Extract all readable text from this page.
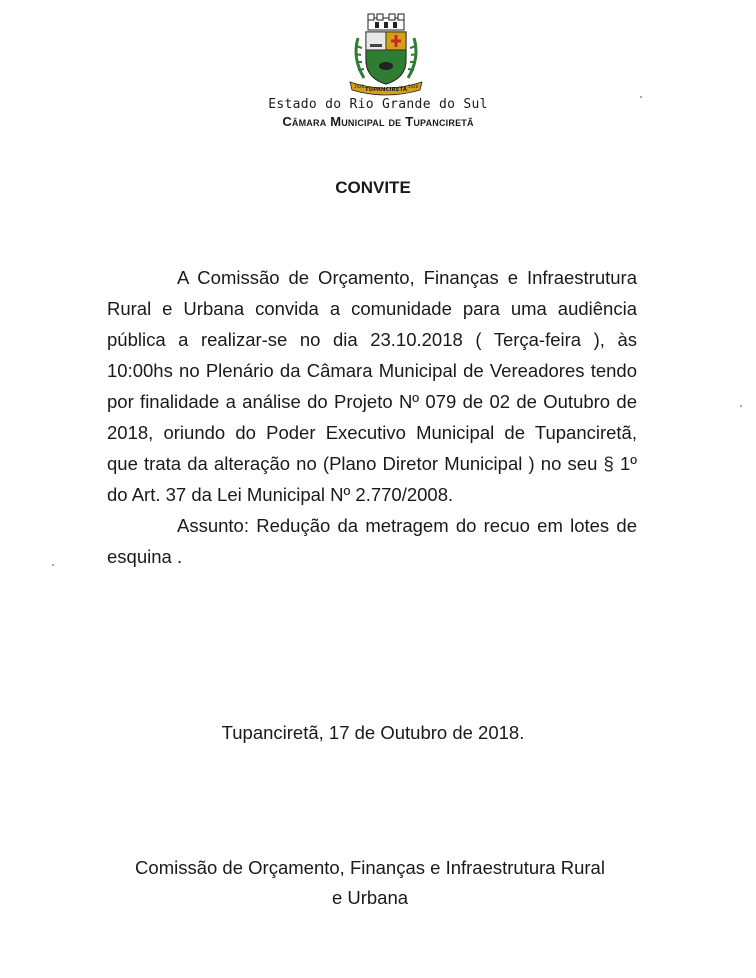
TUPANCIRETÃ
1928	1928
Estado do Rio Grande do Sul
Câmara Municipal de Tupanciretã
CONVITE

A Comissão de Orçamento, Finanças e Infraestrutura Rural e Urbana convida a comunidade para uma audiência pública a realizar-se no dia 23.10.2018 ( Terça-feira ), às 10:00hs no Plenário da Câmara Municipal de Vereadores tendo por finalidade a análise do Projeto Nº 079 de 02 de Outubro de 2018, oriundo do Poder Executivo Municipal de Tupanciretã, que trata da alteração no (Plano Diretor Municipal ) no seu § 1º do Art. 37 da Lei Municipal Nº 2.770/2008.

Assunto: Redução da metragem do recuo em lotes de esquina .

Tupanciretã, 17 de Outubro de 2018.
Comissão de Orçamento, Finanças e Infraestrutura Rural
e Urbana
